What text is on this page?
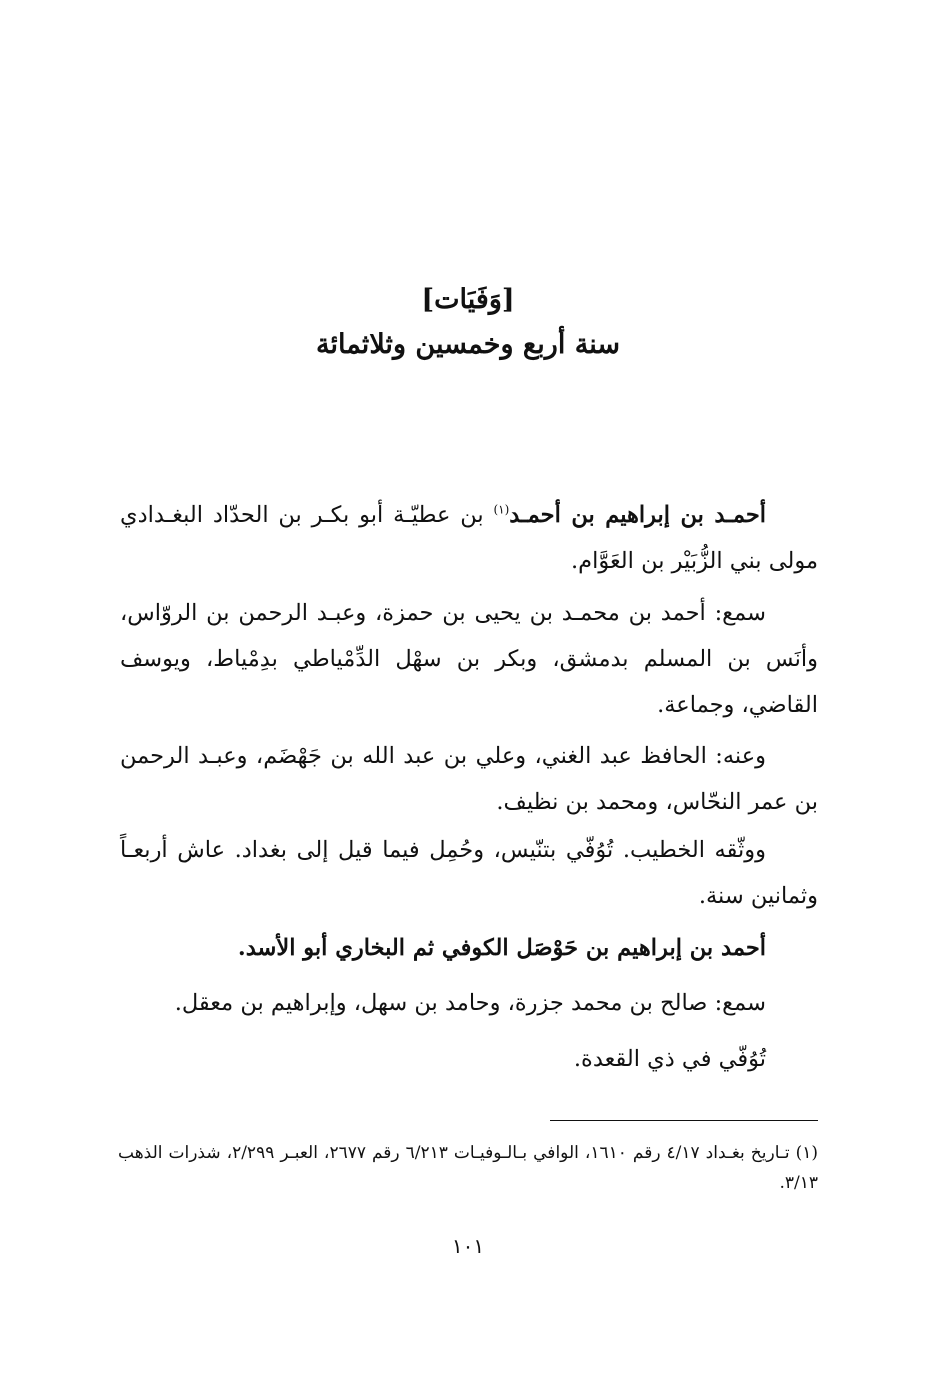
[وَفَيَات]
سنة أربع وخمسين وثلاثمائة
أحمـد بن إبراهيم بن أحمـد$^{(١)}$ بن عطيّـة أبو بكـر بن الحدّاد البغـدادي مولى بني الزُّبَيْر بن العَوَّام.
سمع: أحمد بن محمـد بن يحيى بن حمزة، وعبـد الرحمن بن الروّاس، وأنَس بن المسلم بدمشق، وبكر بن سهْل الدِّمْياطي بدِمْياط، ويوسف القاضي، وجماعة.
وعنه: الحافظ عبد الغني، وعلي بن عبد الله بن جَهْضَم، وعبـد الرحمن بن عمر النحّاس، ومحمد بن نظيف.
ووثّقه الخطيب. تُوُفّي بتنّيس، وحُمِل فيما قيل إلى بغداد. عاش أربعـاً وثمانين سنة.
أحمد بن إبراهيم بن حَوْصَل الكوفي ثم البخاري أبو الأسد.
سمع: صالح بن محمد جزرة، وحامد بن سهل، وإبراهيم بن معقل.
تُوُفّي في ذي القعدة.
(١) تـاريخ بغـداد ٤/١٧ رقم ١٦١٠، الوافي بـالـوفيـات ٦/٢١٣ رقم ٢٦٧٧، العبـر ٢/٢٩٩، شذرات الذهب ٣/١٣.
١٠١
